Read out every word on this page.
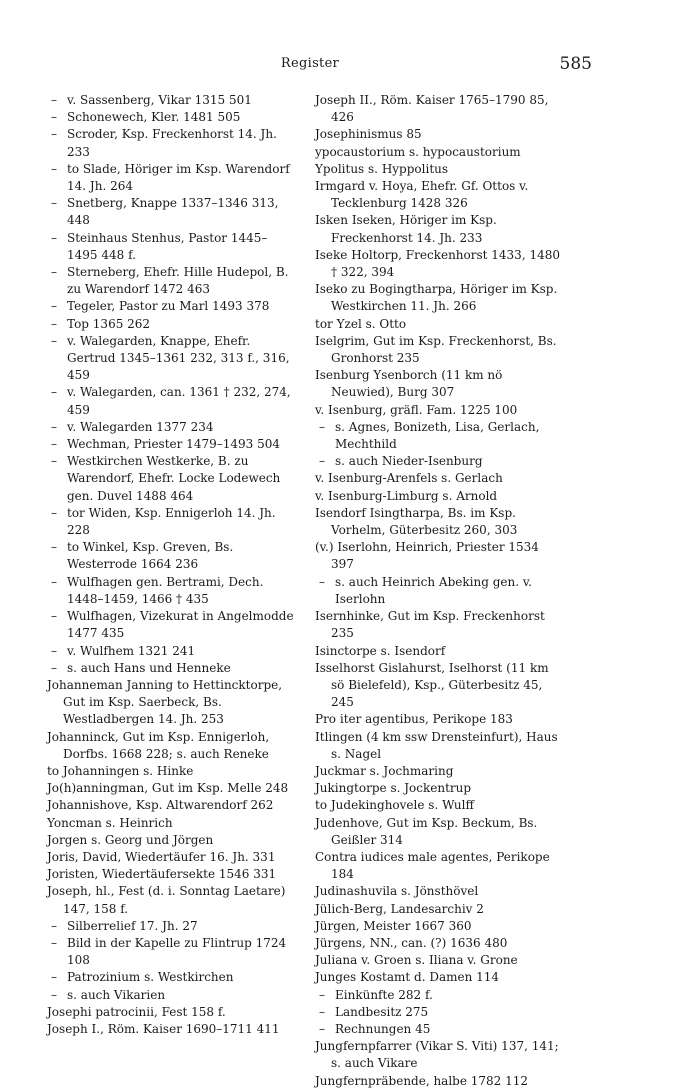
Register	585

– v. Sassenberg, Vikar 1315 501

– Schonewech, Kler. 1481 505

– Scroder, Ksp. Freckenhorst 14. Jh. 233

– to Slade, Höriger im Ksp. Warendorf 14. Jh. 264

– Snetberg, Knappe 1337–1346 313, 448

– Steinhaus Stenhus, Pastor 1445–1495 448 f.

– Sterneberg, Ehefr. Hille Hudepol, B. zu Warendorf 1472 463

– Tegeler, Pastor zu Marl 1493 378

– Top 1365 262

– v. Walegarden, Knappe, Ehefr. Gertrud 1345–1361 232, 313 f., 316, 459

– v. Walegarden, can. 1361 † 232, 274, 459

– v. Walegarden 1377 234

– Wechman, Priester 1479–1493 504

– Westkirchen Westkerke, B. zu Warendorf, Ehefr. Locke Lodewech gen. Duvel 1488 464

– tor Widen, Ksp. Ennigerloh 14. Jh. 228

– to Winkel, Ksp. Greven, Bs. Westerrode 1664 236

– Wulfhagen gen. Bertrami, Dech. 1448–1459, 1466 † 435

– Wulfhagen, Vizekurat in Angelmodde 1477 435

– v. Wulfhem 1321 241

– s. auch Hans und Henneke

Johanneman Janning to Hettincktorpe, Gut im Ksp. Saerbeck, Bs. Westladbergen 14. Jh. 253

Johanninck, Gut im Ksp. Ennigerloh, Dorfbs. 1668 228; s. auch Reneke

to Johanningen s. Hinke

Jo(h)anningman, Gut im Ksp. Melle 248

Johannishove, Ksp. Altwarendorf 262

Yoncman s. Heinrich

Jorgen s. Georg und Jörgen

Joris, David, Wiedertäufer 16. Jh. 331

Joristen, Wiedertäufersekte 1546 331

Joseph, hl., Fest (d. i. Sonntag Laetare) 147, 158 f.

– Silberrelief 17. Jh. 27

– Bild in der Kapelle zu Flintrup 1724 108

– Patrozinium s. Westkirchen

– s. auch Vikarien

Josephi patrocinii, Fest 158 f.

Joseph I., Röm. Kaiser 1690–1711 411

Joseph II., Röm. Kaiser 1765–1790 85, 426

Josephinismus 85

ypocaustorium s. hypocaustorium

Ypolitus s. Hyppolitus

Irmgard v. Hoya, Ehefr. Gf. Ottos v. Tecklenburg 1428 326

Isken Iseken, Höriger im Ksp. Freckenhorst 14. Jh. 233

Iseke Holtorp, Freckenhorst 1433, 1480 † 322, 394

Iseko zu Bogingtharpa, Höriger im Ksp. Westkirchen 11. Jh. 266

tor Yzel s. Otto

Iselgrim, Gut im Ksp. Freckenhorst, Bs. Gronhorst 235

Isenburg Ysenborch (11 km nö Neuwied), Burg 307

v. Isenburg, gräfl. Fam. 1225 100

– s. Agnes, Bonizeth, Lisa, Gerlach, Mechthild

– s. auch Nieder-Isenburg

v. Isenburg-Arenfels s. Gerlach

v. Isenburg-Limburg s. Arnold

Isendorf Isingtharpa, Bs. im Ksp. Vorhelm, Güterbesitz 260, 303

(v.) Iserlohn, Heinrich, Priester 1534 397

– s. auch Heinrich Abeking gen. v. Iserlohn

Isernhinke, Gut im Ksp. Freckenhorst 235

Isinctorpe s. Isendorf

Isselhorst Gislahurst, Iselhorst (11 km sö Bielefeld), Ksp., Güterbesitz 45, 245

Pro iter agentibus, Perikope 183

Itlingen (4 km ssw Drensteinfurt), Haus s. Nagel

Juckmar s. Jochmaring

Jukingtorpe s. Jockentrup

to Judekinghovele s. Wulff

Judenhove, Gut im Ksp. Beckum, Bs. Geißler 314

Contra iudices male agentes, Perikope 184

Judinashuvila s. Jönsthövel

Jülich-Berg, Landesarchiv 2

Jürgen, Meister 1667 360

Jürgens, NN., can. (?) 1636 480

Juliana v. Groen s. Iliana v. Grone

Junges Kostamt d. Damen 114

– Einkünfte 282 f.

– Landbesitz 275

– Rechnungen 45

Jungfernpfarrer (Vikar S. Viti) 137, 141; s. auch Vikare

Jungfernpräbende, halbe 1782 112
